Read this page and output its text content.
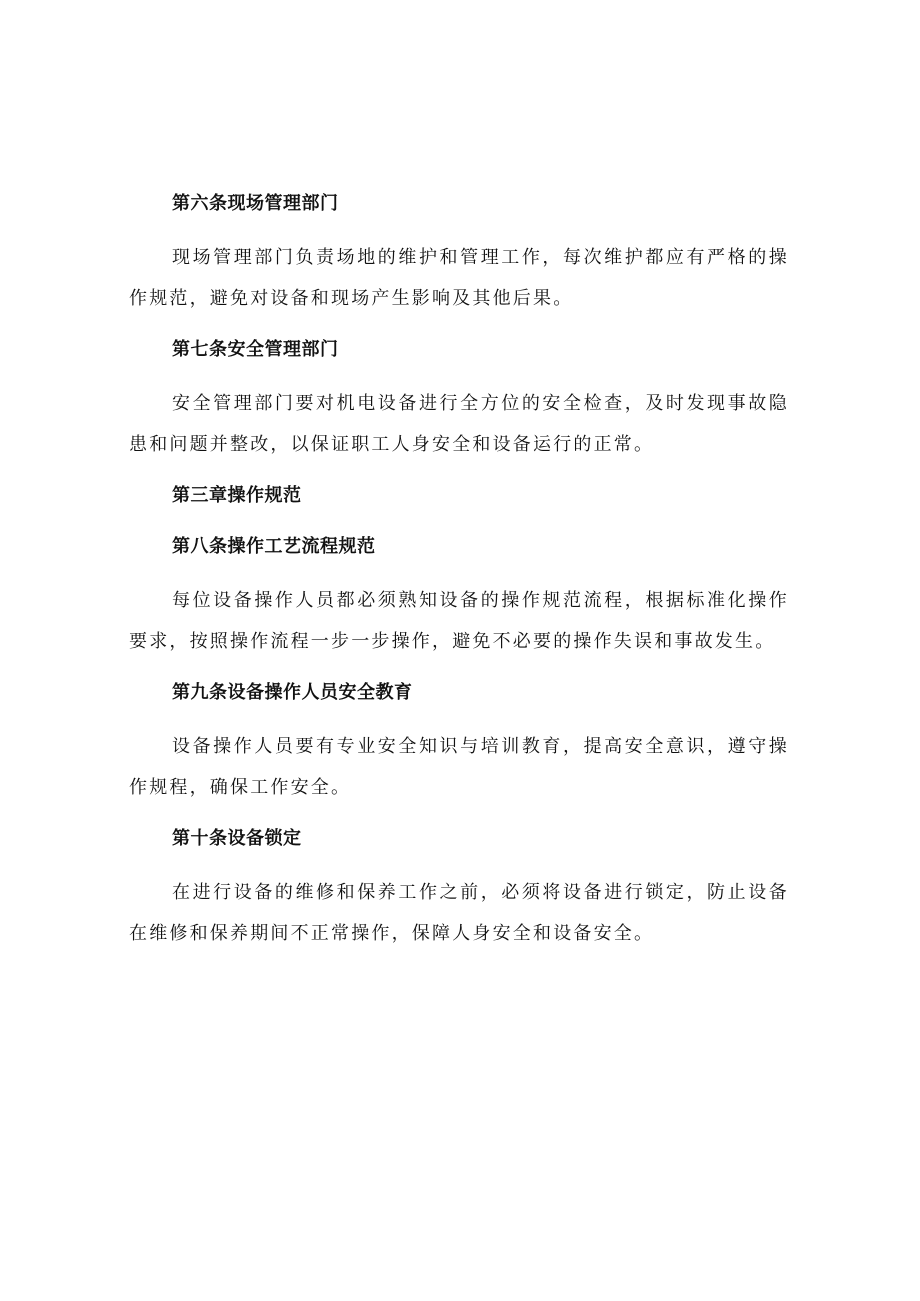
第六条现场管理部门
现场管理部门负责场地的维护和管理工作，每次维护都应有严格的操作规范，避免对设备和现场产生影响及其他后果。
第七条安全管理部门
安全管理部门要对机电设备进行全方位的安全检查，及时发现事故隐患和问题并整改，以保证职工人身安全和设备运行的正常。
第三章操作规范
第八条操作工艺流程规范
每位设备操作人员都必须熟知设备的操作规范流程，根据标准化操作要求，按照操作流程一步一步操作，避免不必要的操作失误和事故发生。
第九条设备操作人员安全教育
设备操作人员要有专业安全知识与培训教育，提高安全意识，遵守操作规程，确保工作安全。
第十条设备锁定
在进行设备的维修和保养工作之前，必须将设备进行锁定，防止设备在维修和保养期间不正常操作，保障人身安全和设备安全。
